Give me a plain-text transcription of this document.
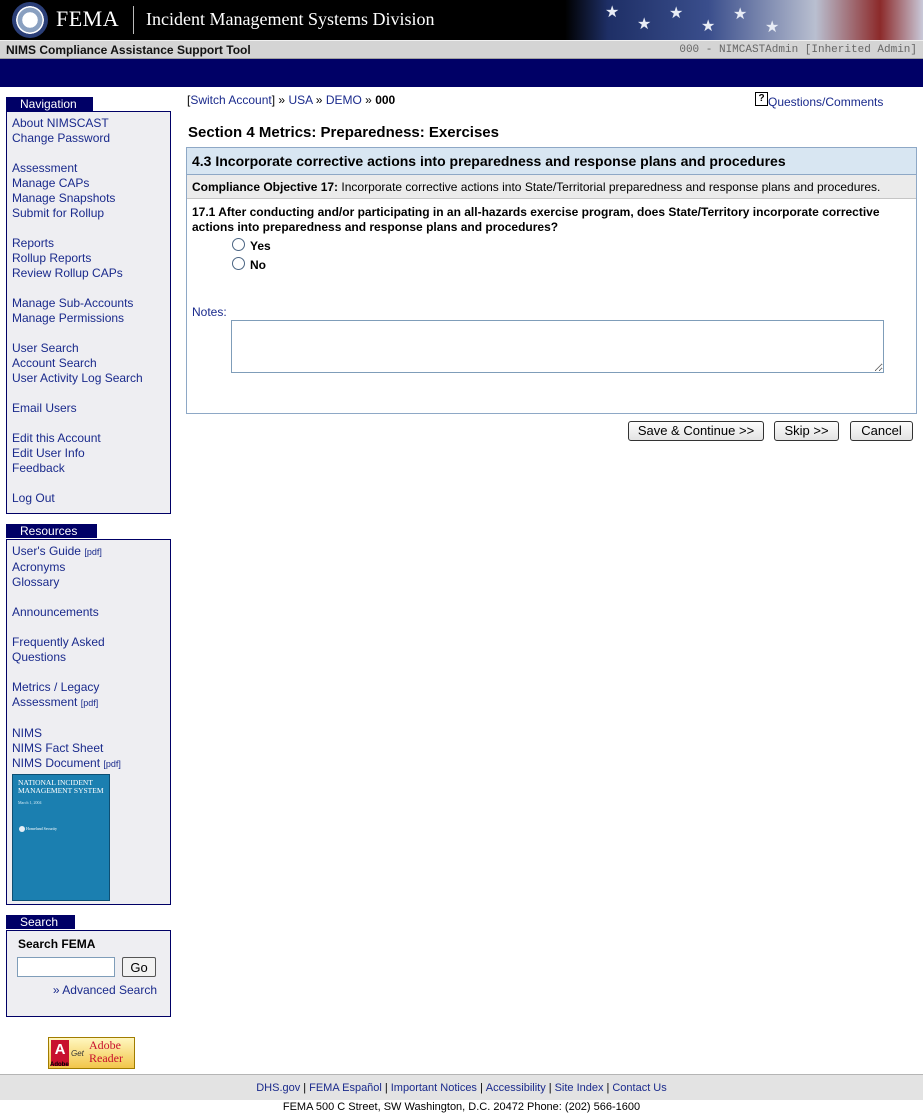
FEMA Incident Management Systems Division	★
★
★
★
★
★
NIMS Compliance Assistance Support Tool	000 - NIMCASTAdmin [Inherited Admin]
Navigation
About NIMSCAST
Change Password
Assessment
Manage CAPs
Manage Snapshots
Submit for Rollup
Reports
Rollup Reports
Review Rollup CAPs
Manage Sub-Accounts
Manage Permissions
User Search
Account Search
User Activity Log Search
Email Users
Edit this Account
Edit User Info
Feedback
Log Out
Resources
User's Guide [pdf]
Acronyms
Glossary
Announcements
Frequently Asked
Questions
Metrics / Legacy
Assessment [pdf]
NIMS
NIMS Fact Sheet
NIMS Document [pdf]
NATIONAL INCIDENT MANAGEMENT SYSTEM
March 1, 2004
Homeland Security
Search
Search FEMA
Go
» Advanced Search
A
Adobe
Get
Adobe
Reader
[Switch Account] » USA » DEMO » 000	? Questions/Comments
Section 4 Metrics: Preparedness: Exercises
4.3 Incorporate corrective actions into preparedness and response plans and procedures
Compliance Objective 17: Incorporate corrective actions into State/Territorial preparedness and response plans and procedures.
17.1 After conducting and/or participating in an all-hazards exercise program, does State/Territory incorporate corrective actions into preparedness and response plans and procedures?
Yes
No
Notes:
Save & Continue >>	Skip >>	Cancel
DHS.gov | FEMA Español | Important Notices | Accessibility | Site Index | Contact Us
FEMA 500 C Street, SW Washington, D.C. 20472 Phone: (202) 566-1600
